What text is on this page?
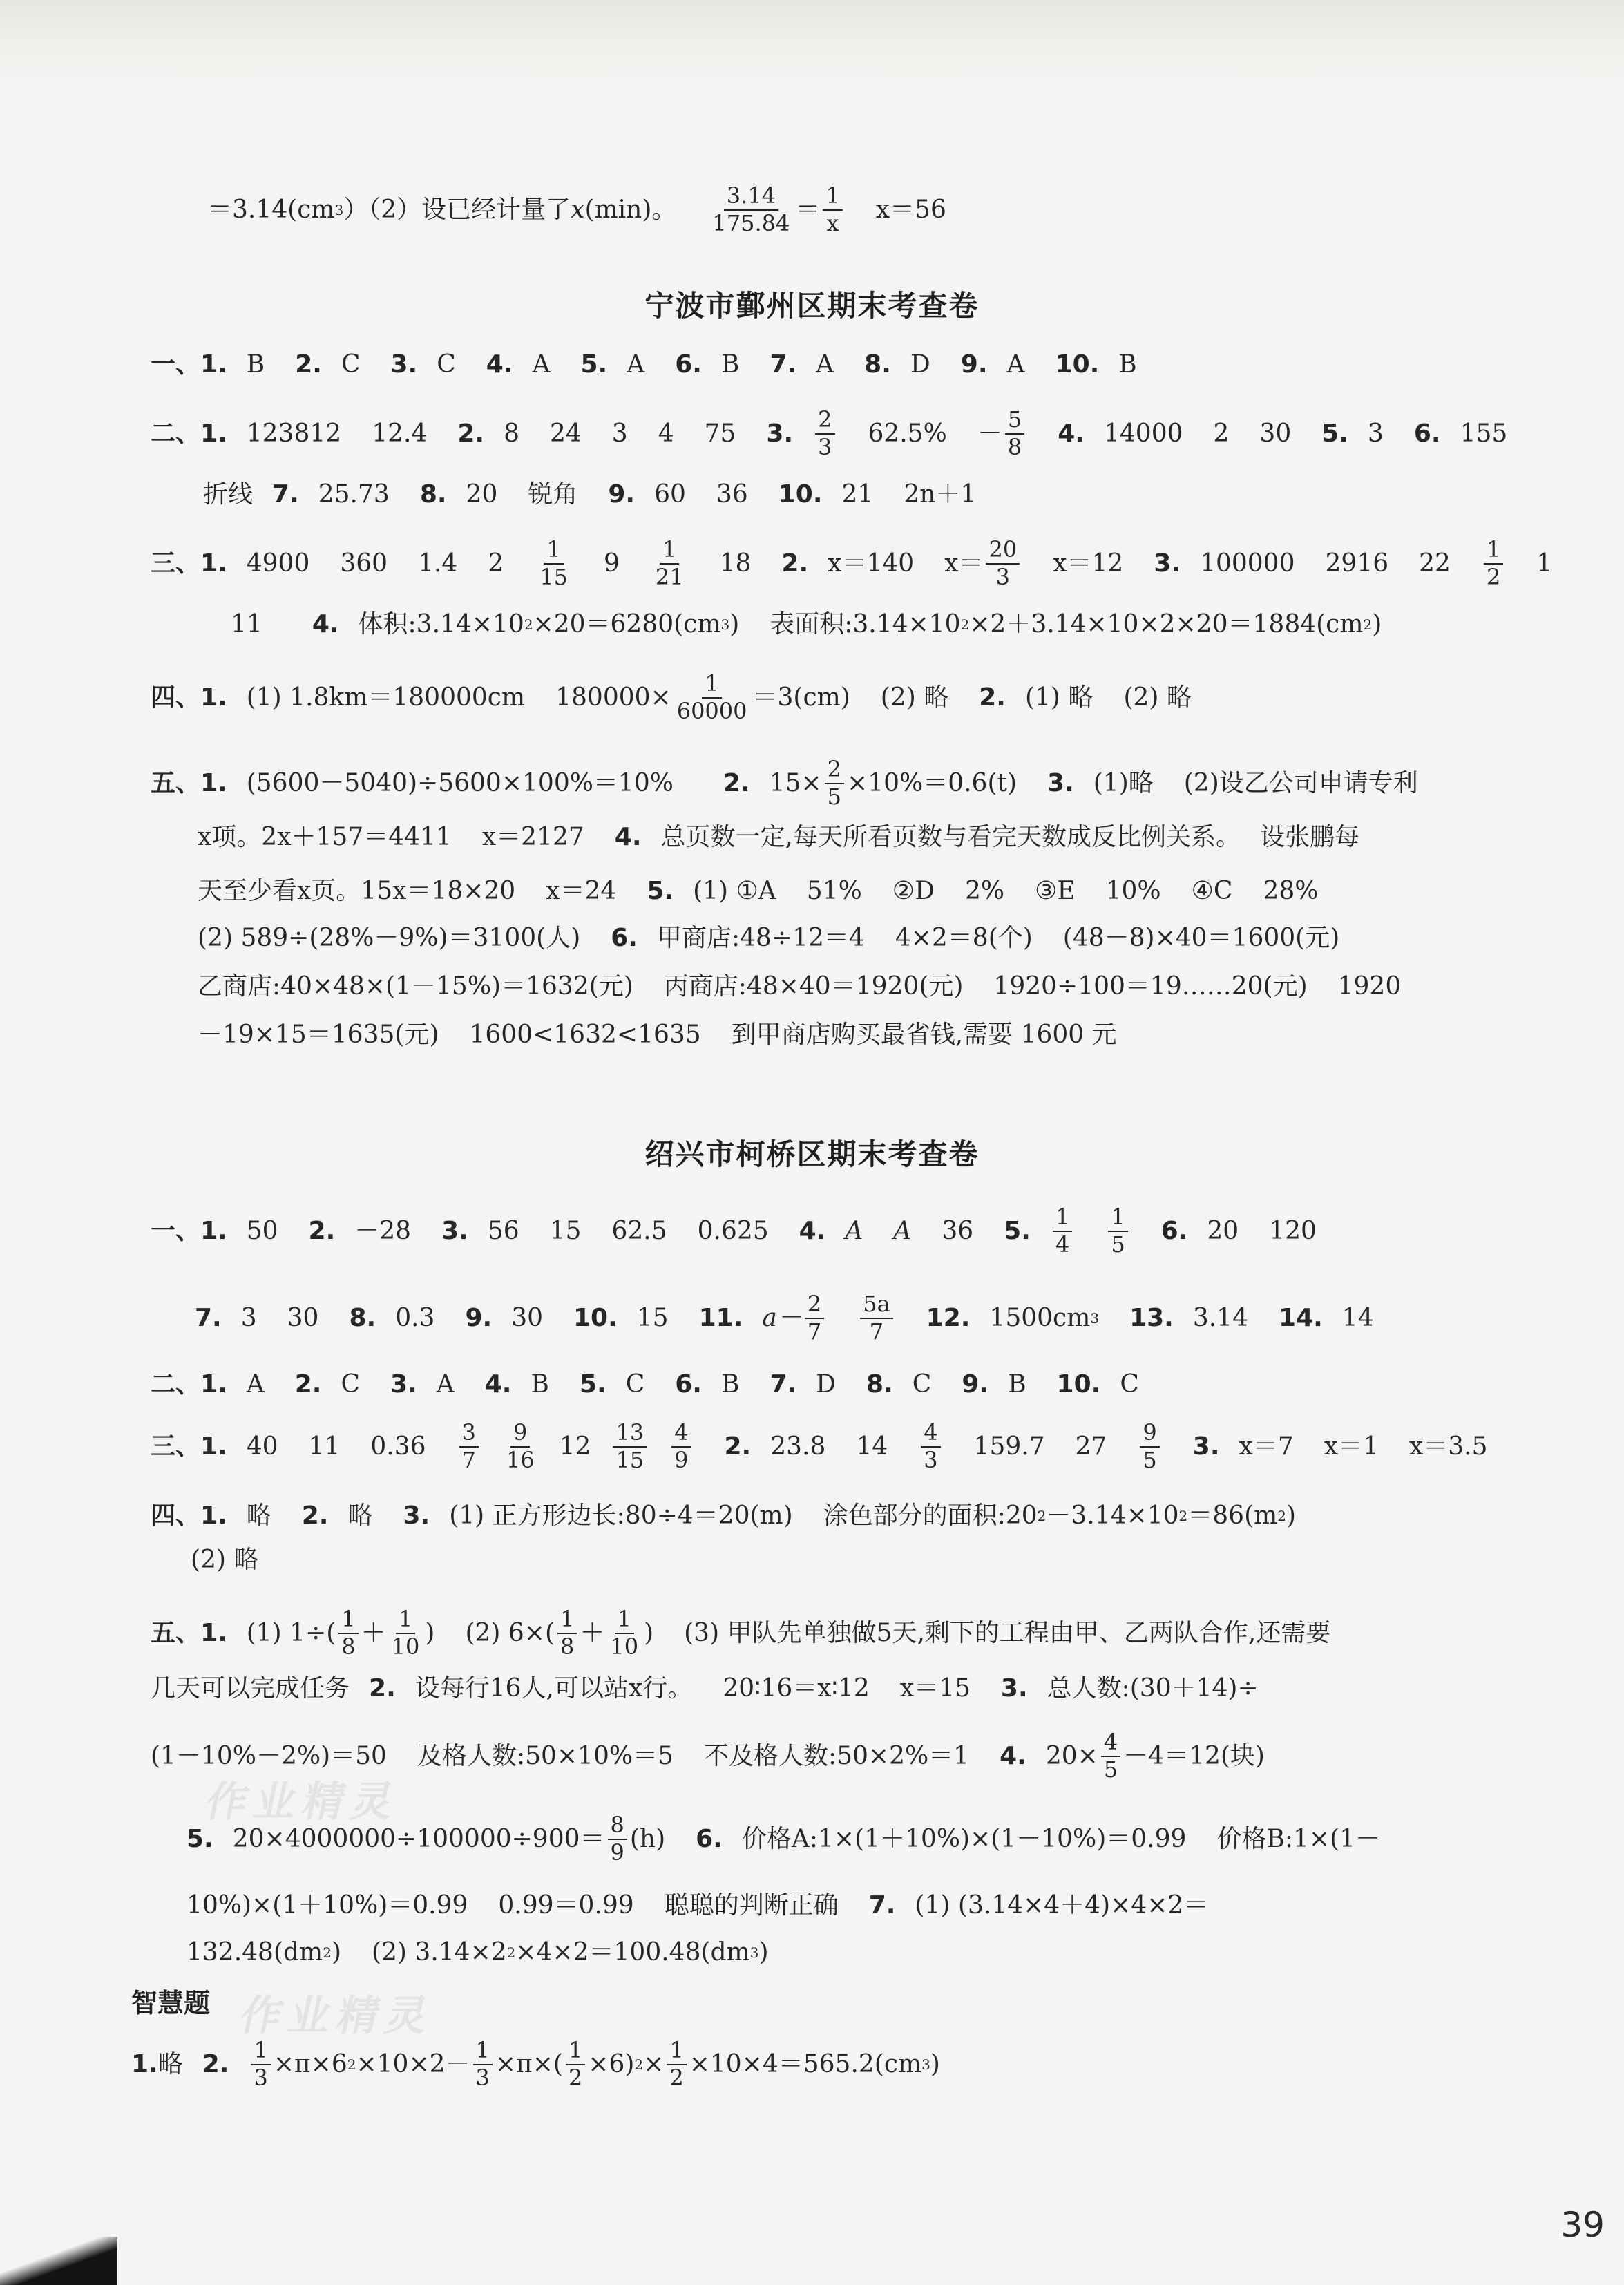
＝3.14(cm 3 ）（2）设已经计量了 x (min)。 3.14
175.84 ＝ 1
x x＝56
宁波市鄞州区期末考查卷
一、1. B 2. C 3. C 4. A 5. A 6. B 7. A 8. D 9. A 10. B
二、1. 123812 12.4 2. 8 24 3 4 75 3. 2
3 62.5% － 5
8 4. 14000 2 30 5. 3 6. 155
折线 7. 25.73 8. 20 锐角 9. 60 36 10. 21 2n＋1
三、1. 4900 360 1.4 2 1
15 9 1
21 18 2. x＝140 x＝ 20
3 x＝12 3. 100000 2916 22 1
2 1
11 4. 体积:3.14×10 2 ×20＝6280(cm 3 ) 表面积:3.14×10 2 ×2＋3.14×10×2×20＝1884(cm 2 )
四、1. (1) 1.8km＝180000cm $180000\times \frac{1}{60000} =3(cm)$ (2) 略 2. (1) 略 (2) 略
五、1. (5600－5040)÷5600×100%＝10% 2. $15\times \frac{2}{5} \times 10\%=0.6(t)$ 3. (1)略 (2)设乙公司申请专利
x项。2x＋157＝4411 x＝2127 4. 总页数一定,每天所看页数与看完天数成反比例关系。 设张鹏每
天至少看x页。15x＝18×20 x＝24 5. (1) ①A 51% ②D 2% ③E 10% ④C 28%
(2) 589÷(28%－9%)＝3100(人) 6. 甲商店:48÷12＝4 4×2＝8(个) (48－8)×40＝1600(元)
乙商店:40×48×(1－15%)＝1632(元) 丙商店:48×40＝1920(元) 1920÷100＝19……20(元) 1920
－19×15＝1635(元) 1600<1632<1635 到甲商店购买最省钱,需要 1600 元
绍兴市柯桥区期末考查卷
一、1. 50 2. －28 3. 56 15 62.5 0.625 4. A A 36 5. 1
4
1
5 6. 20 120
7. 3 30 8. 0.3 9. 30 10. 15 11. a－ 2
7
5a
7 12. 1500cm 3 13. 3.14 14. 14
二、1. A 2. C 3. A 4. B 5. C 6. B 7. D 8. C 9. B 10. C
三、1. 40 11 0.36 3
7
9
16 12 13
15
4
9 2. 23.8 14 4
3 159.7 27 9
5 3. x＝7 x＝1 x＝3.5
四、1. 略 2. 略 3. (1) 正方形边长:80÷4＝20(m) 涂色部分的面积:20 2 －3.14×10 2 ＝86(m 2 )
(2) 略
五、1. (1) 1÷( 1
8 ＋ 1
10 ) (2) 6×( 1
8 ＋ 1
10 ) (3) 甲队先单独做5天,剩下的工程由甲、乙两队合作,还需要
几天可以完成任务 2. 设每行16人,可以站x行。 20∶16＝x∶12 x＝15 3. 总人数:(30＋14)÷
(1－10%－2%)＝50 及格人数:50×10%＝5 不及格人数:50×2%＝1 4. $20\times \frac{4}{5} -4=12$(块)
5. 20×4000000÷100000÷900＝ 8
9 (h) 6. 价格A:1×(1＋10%)×(1－10%)＝0.99 价格B:1×(1－
10%)×(1＋10%)＝0.99 0.99＝0.99 聪聪的判断正确 7. (1) (3.14×4＋4)×4×2＝
132.48(dm 2 ) (2) 3.14×2 2 ×4×2＝100.48(dm 3 )
智慧题
1. 略 2. $\frac{1}{3} \times\pi\times 6$ $2 \times 10\times 2- \frac{1}{3} \times\pi\times( \frac{1}{2} \times 6) 2 \times \frac{1}{2} \times 10\times 4=565.2(cm$ 3 )
作业精灵
作业精灵
39
